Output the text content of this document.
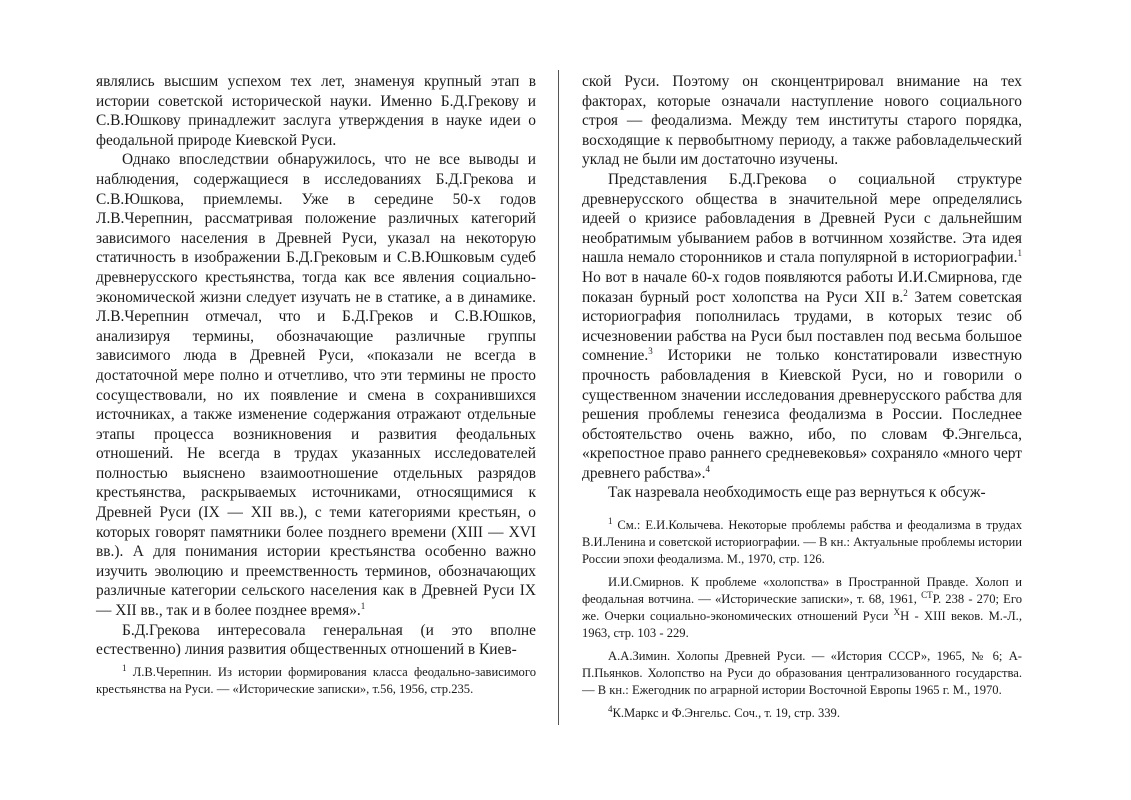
являлись высшим успехом тех лет, знаменуя крупный этап в истории советской исторической науки. Именно Б.Д.Грекову и С.В.Юшкову принадлежит заслуга утверждения в науке идеи о феодальной природе Киевской Руси.

Однако впоследствии обнаружилось, что не все выводы и наблюдения, содержащиеся в исследованиях Б.Д.Грекова и С.В.Юшкова, приемлемы. Уже в середине 50-х годов Л.В.Черепнин, рассматривая положение различных категорий зависимого населения в Древней Руси, указал на некоторую статичность в изображении Б.Д.Грековым и С.В.Юшковым судеб древнерусского крестьянства, тогда как все явления социально-экономической жизни следует изучать не в статике, а в динамике. Л.В.Черепнин отмечал, что и Б.Д.Греков и С.В.Юшков, анализируя термины, обозначающие различные группы зависимого люда в Древней Руси, «показали не всегда в достаточной мере полно и отчетливо, что эти термины не просто сосуществовали, но их появление и смена в сохранившихся источниках, а также изменение содержания отражают отдельные этапы процесса возникновения и развития феодальных отношений. Не всегда в трудах указанных исследователей полностью выяснено взаимоотношение отдельных разрядов крестьянства, раскрываемых источниками, относящимися к Древней Руси (IX — XII вв.), с теми категориями крестьян, о которых говорят памятники более позднего времени (XIII — XVI вв.). А для понимания истории крестьянства особенно важно изучить эволюцию и преемственность терминов, обозначающих различные категории сельского населения как в Древней Руси IX — XII вв., так и в более позднее время».$^1$

Б.Д.Грекова интересовала генеральная (и это вполне естественно) линия развития общественных отношений в Киев-

ской Руси. Поэтому он сконцентрировал внимание на тех факторах, которые означали наступление нового социального строя — феодализма. Между тем институты старого порядка, восходящие к первобытному периоду, а также рабовладельческий уклад не были им достаточно изучены.

Представления Б.Д.Грекова о социальной структуре древнерусского общества в значительной мере определялись идеей о кризисе рабовладения в Древней Руси с дальнейшим необратимым убыванием рабов в вотчинном хозяйстве. Эта идея нашла немало сторонников и стала популярной в историографии.$^1$ Но вот в начале 60-х годов появляются работы И.И.Смирнова, где показан бурный рост холопства на Руси XII в.$^2$ Затем советская историография пополнилась трудами, в которых тезис об исчезновении рабства на Руси был поставлен под весьма большое сомнение.$^3$ Историки не только констатировали известную прочность рабовладения в Киевской Руси, но и говорили о существенном значении исследования древнерусского рабства для решения проблемы генезиса феодализма в России. Последнее обстоятельство очень важно, ибо, по словам Ф.Энгельса, «крепостное право раннего средневековья» сохраняло «много черт древнего рабства».$^4$

Так назревала необходимость еще раз вернуться к обсуж-

$^1$ Л.В.Черепнин. Из истории формирования класса феодально-зависимого крестьянства на Руси. — «Исторические записки», т.56, 1956, стр.235.

$^1$ См.: Е.И.Колычева. Некоторые проблемы рабства и феодализма в трудах В.И.Ленина и советской историографии. — В кн.: Актуальные проблемы истории России эпохи феодализма. М., 1970, стр. 126.

И.И.Смирнов. К проблеме «холопства» в Пространной Правде. Холоп и феодальная вотчина. — «Исторические записки», т. 68, 1961, $^{СТ}$Р. 238 - 270; Его же. Очерки социально-экономических отношений Руси $^Х$Н - XIII веков. М.-Л., 1963, стр. 103 - 229.

А.А.Зимин. Холопы Древней Руси. — «История СССР», 1965, № 6; А-П.Пьянков. Холопство на Руси до образования централизованного государства. — В кн.: Ежегодник по аграрной истории Восточной Европы 1965 г. М., 1970.

$^4$К.Маркс и Ф.Энгельс. Соч., т. 19, стр. 339.
